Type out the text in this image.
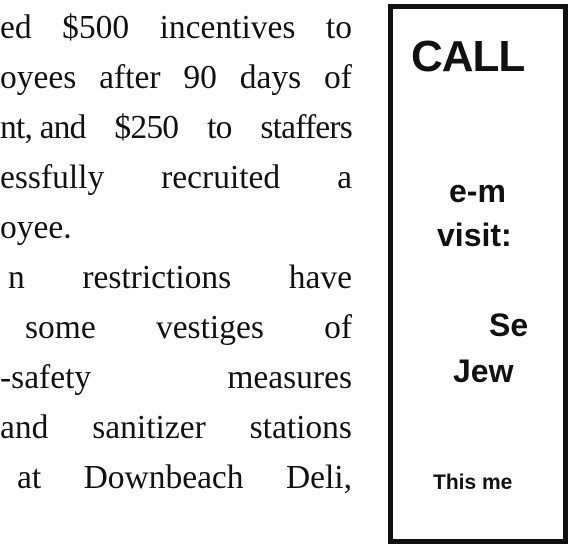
ed $500 incentives to
oyees after 90 days of
nt, and $250 to staffers
essfully recruited a
oyee.
n restrictions have
some vestiges of
-safety	measures
and sanitizer stations
at Downbeach Deli,
CALL
e-m
visit:
Se
Jew
This me
